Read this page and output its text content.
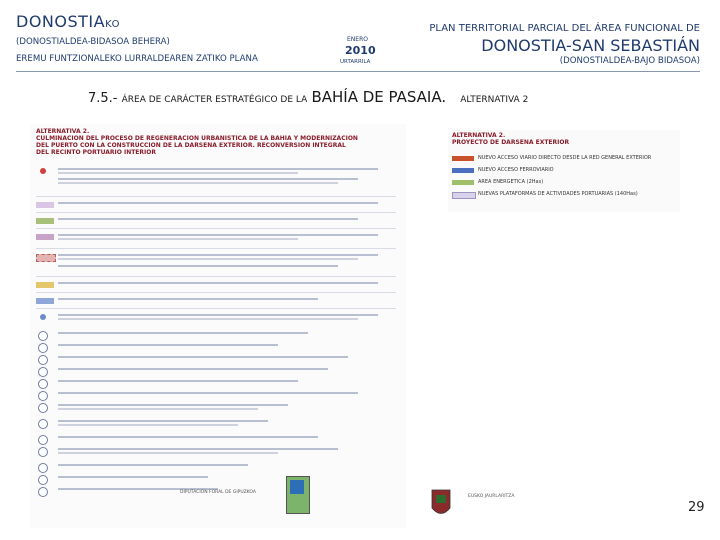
DONOSTIAKO
(DONOSTIALDEA-BIDASOA BEHERA)
EREMU FUNTZIONALEKO LURRALDEAREN ZATIKO PLANA
ENERO
2010
URTARRILA
PLAN TERRITORIAL PARCIAL DEL ÁREA FUNCIONAL DE
DONOSTIA-SAN SEBASTIÁN
(DONOSTIALDEA-BAJO BIDASOA)
7.5.- ÁREA DE CARÁCTER ESTRATÉGICO DE LA BAHÍA DE PASAIA. ALTERNATIVA 2
ALTERNATIVA 2.
CULMINACION DEL PROCESO DE REGENERACION URBANISTICA DE LA BAHIA Y MODERNIZACION
DEL PUERTO CON LA CONSTRUCCION DE LA DARSENA EXTERIOR. RECONVERSION INTEGRAL
DEL RECINTO PORTUARIO INTERIOR
ALTERNATIVA 2.
PROYECTO DE DARSENA EXTERIOR
NUEVO ACCESO VIARIO DIRECTO DESDE LA RED GENERAL EXTERIOR
NUEVO ACCESO FERROVIARIO
AREA ENERGETICA (2Has)
NUEVAS PLATAFORMAS DE ACTIVIDADES PORTUARIAS (140Has)
DIPUTACION FORAL DE GIPUZKOA
EUSKO JAURLARITZA
29
